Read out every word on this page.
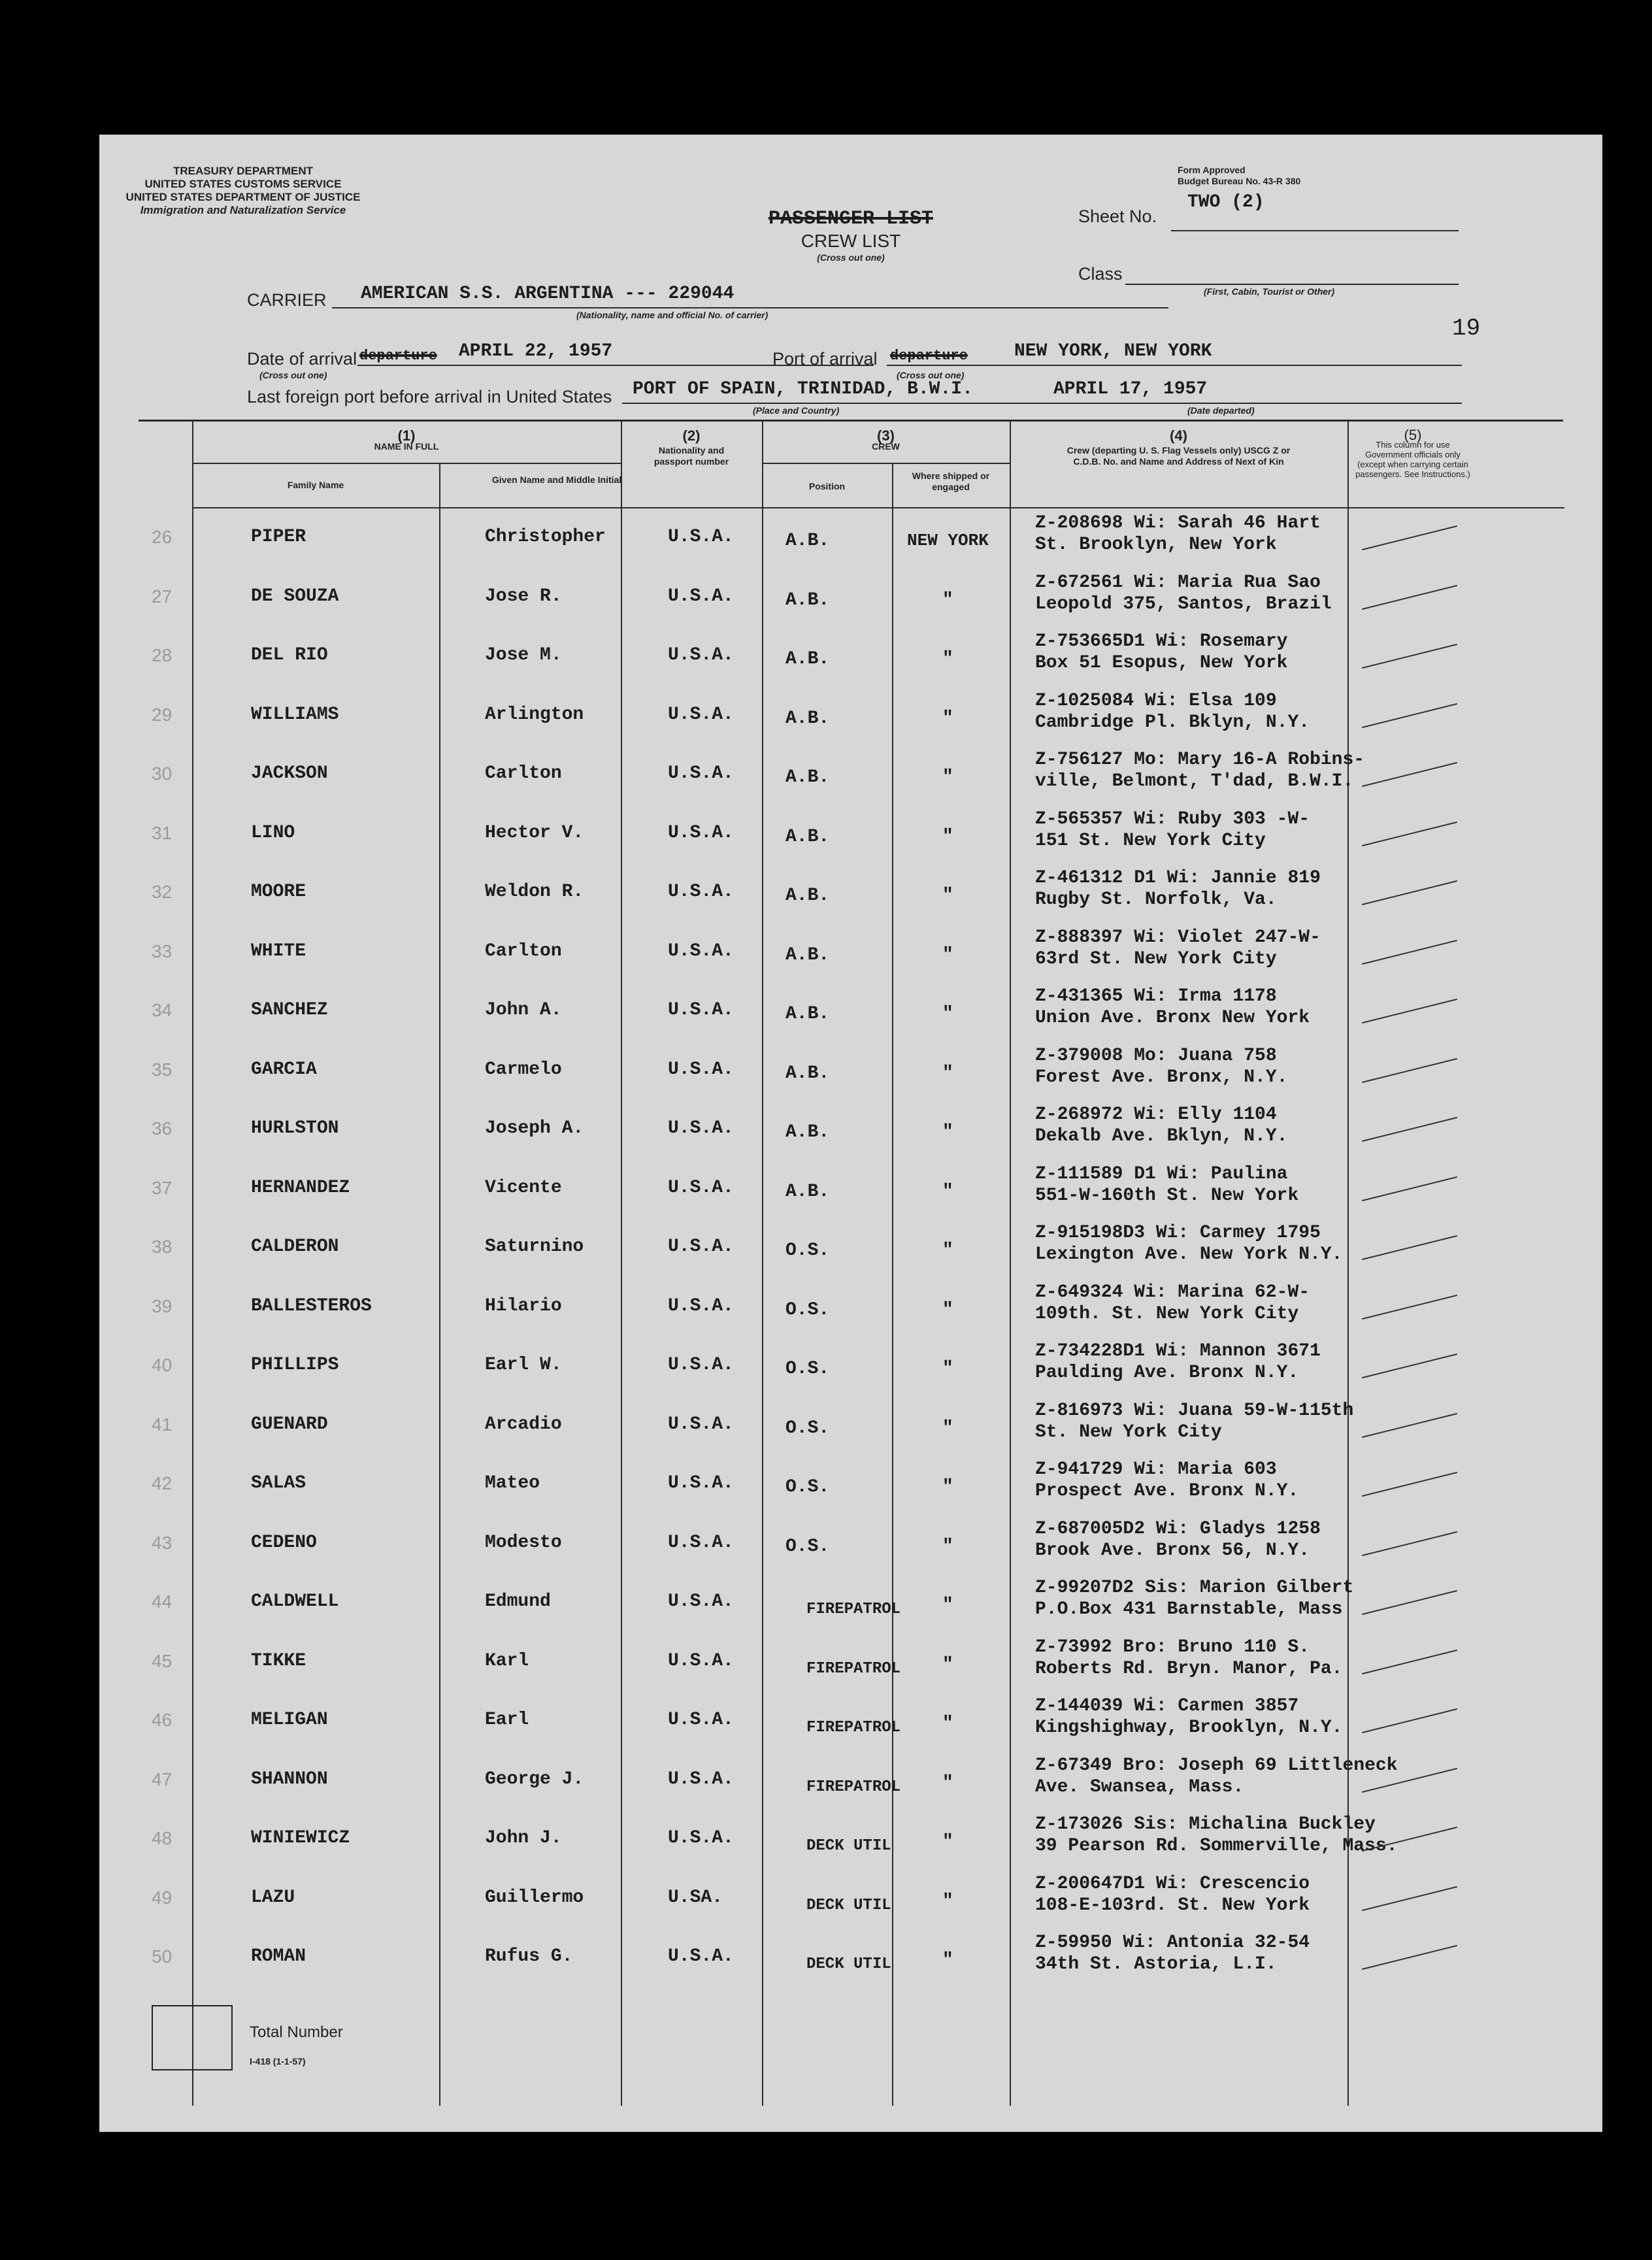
TREASURY DEPARTMENT
UNITED STATES CUSTOMS SERVICE
UNITED STATES DEPARTMENT OF JUSTICE
Immigration and Naturalization Service
Form Approved
Budget Bureau No. 43-R 380
PASSENGER LIST
CREW LIST
(Cross out one)
Sheet No.
TWO (2)
Class
(First, Cabin, Tourist or Other)
19
CARRIER AMERICAN S.S. ARGENTINA --- 229044
(Nationality, name and official No. of carrier)
Date of arrival departure APRIL 22, 1957
(Cross out one)
Port of arrival departure	NEW YORK, NEW YORK
(Cross out one)
Last foreign port before arrival in United States PORT OF SPAIN, TRINIDAD, B.W.I.	APRIL 17, 1957
(Place and Country)	(Date departed)
(1)
NAME IN FULL
Family Name	Given Name and Middle Initial
(2)
Nationality and passport number
(3)
CREW
Position
Where shipped or engaged
(4)
Crew (departing U. S. Flag Vessels only) USCG Z or C.D.B. No. and Name and Address of Next of Kin
(5)
This column for use Government officials only (except when carrying certain passengers. See Instructions.)
26	PIPER	Christopher	U.S.A.	A.B.	NEW YORK
Z-208698 Wi: Sarah 46 Hart
St. Brooklyn, New York
27	DE SOUZA	Jose R.	U.S.A.	A.B.	"
Z-672561 Wi: Maria Rua Sao
Leopold 375, Santos, Brazil
28	DEL RIO	Jose M.	U.S.A.	A.B.	"
Z-753665D1 Wi: Rosemary
Box 51 Esopus, New York
29	WILLIAMS	Arlington	U.S.A.	A.B.	"
Z-1025084 Wi: Elsa 109
Cambridge Pl. Bklyn, N.Y.
30	JACKSON	Carlton	U.S.A.	A.B.	"
Z-756127 Mo: Mary 16-A Robins-
ville, Belmont, T'dad, B.W.I.
31	LINO	Hector V.	U.S.A.	A.B.	"
Z-565357 Wi: Ruby 303 -W-
151 St. New York City
32	MOORE	Weldon R.	U.S.A.	A.B.	"
Z-461312 D1 Wi: Jannie 819
Rugby St. Norfolk, Va.
33	WHITE	Carlton	U.S.A.	A.B.	"
Z-888397 Wi: Violet 247-W-
63rd St. New York City
34	SANCHEZ	John A.	U.S.A.	A.B.	"
Z-431365 Wi: Irma 1178
Union Ave. Bronx New York
35	GARCIA	Carmelo	U.S.A.	A.B.	"
Z-379008 Mo: Juana 758
Forest Ave. Bronx, N.Y.
36	HURLSTON	Joseph A.	U.S.A.	A.B.	"
Z-268972 Wi: Elly 1104
Dekalb Ave. Bklyn, N.Y.
37	HERNANDEZ	Vicente	U.S.A.	A.B.	"
Z-111589 D1 Wi: Paulina
551-W-160th St. New York
38	CALDERON	Saturnino	U.S.A.	O.S.	"
Z-915198D3 Wi: Carmey 1795
Lexington Ave. New York N.Y.
39	BALLESTEROS	Hilario	U.S.A.	O.S.	"
Z-649324 Wi: Marina 62-W-
109th. St. New York City
40	PHILLIPS	Earl W.	U.S.A.	O.S.	"
Z-734228D1 Wi: Mannon 3671
Paulding Ave. Bronx N.Y.
41	GUENARD	Arcadio	U.S.A.	O.S.	"
Z-816973 Wi: Juana 59-W-115th
St. New York City
42	SALAS	Mateo	U.S.A.	O.S.	"
Z-941729 Wi: Maria 603
Prospect Ave. Bronx N.Y.
43	CEDENO	Modesto	U.S.A.	O.S.	"
Z-687005D2 Wi: Gladys 1258
Brook Ave. Bronx 56, N.Y.
44	CALDWELL	Edmund	U.S.A.	FIREPATROL "
Z-99207D2 Sis: Marion Gilbert
P.O.Box 431 Barnstable, Mass
45	TIKKE	Karl	U.S.A.	FIREPATROL "
Z-73992 Bro: Bruno 110 S.
Roberts Rd. Bryn. Manor, Pa.
46	MELIGAN	Earl	U.S.A.	FIREPATROL "
Z-144039 Wi: Carmen 3857
Kingshighway, Brooklyn, N.Y.
47	SHANNON	George J.	U.S.A.	FIREPATROL "
Z-67349 Bro: Joseph 69 Littleneck
Ave. Swansea, Mass.
48	WINIEWICZ	John J.	U.S.A.	DECK UTIL	"
Z-173026 Sis: Michalina Buckley
39 Pearson Rd. Sommerville, Mass.
49	LAZU	Guillermo	U.SA.	DECK UTIL	"
Z-200647D1 Wi: Crescencio
108-E-103rd. St. New York
50	ROMAN	Rufus G.	U.S.A.	DECK UTIL	"
Z-59950 Wi: Antonia 32-54
34th St. Astoria, L.I.
Total Number
I-418 (1-1-57)
